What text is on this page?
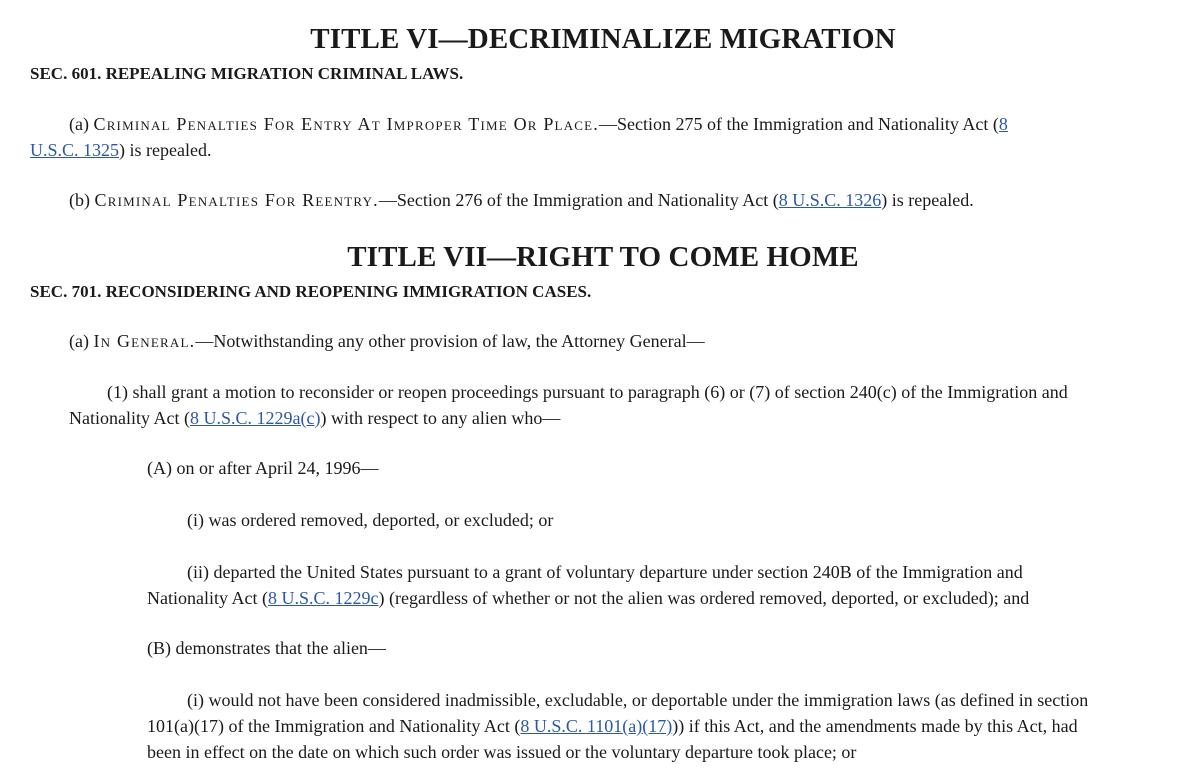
TITLE VI—DECRIMINALIZE MIGRATION
SEC. 601. REPEALING MIGRATION CRIMINAL LAWS.

(a) Criminal Penalties For Entry At Improper Time Or Place.—Section 275 of the Immigration and Nationality Act (8

U.S.C. 1325) is repealed.

(b) Criminal Penalties For Reentry.—Section 276 of the Immigration and Nationality Act (8 U.S.C. 1326) is repealed.

TITLE VII—RIGHT TO COME HOME
SEC. 701. RECONSIDERING AND REOPENING IMMIGRATION CASES.

(a) In General.—Notwithstanding any other provision of law, the Attorney General—

(1) shall grant a motion to reconsider or reopen proceedings pursuant to paragraph (6) or (7) of section 240(c) of the Immigration and

Nationality Act (8 U.S.C. 1229a(c)) with respect to any alien who—

(A) on or after April 24, 1996—

(i) was ordered removed, deported, or excluded; or

(ii) departed the United States pursuant to a grant of voluntary departure under section 240B of the Immigration and

Nationality Act (8 U.S.C. 1229c) (regardless of whether or not the alien was ordered removed, deported, or excluded); and

(B) demonstrates that the alien—

(i) would not have been considered inadmissible, excludable, or deportable under the immigration laws (as defined in section

101(a)(17) of the Immigration and Nationality Act (8 U.S.C. 1101(a)(17))) if this Act, and the amendments made by this Act, had

been in effect on the date on which such order was issued or the voluntary departure took place; or
